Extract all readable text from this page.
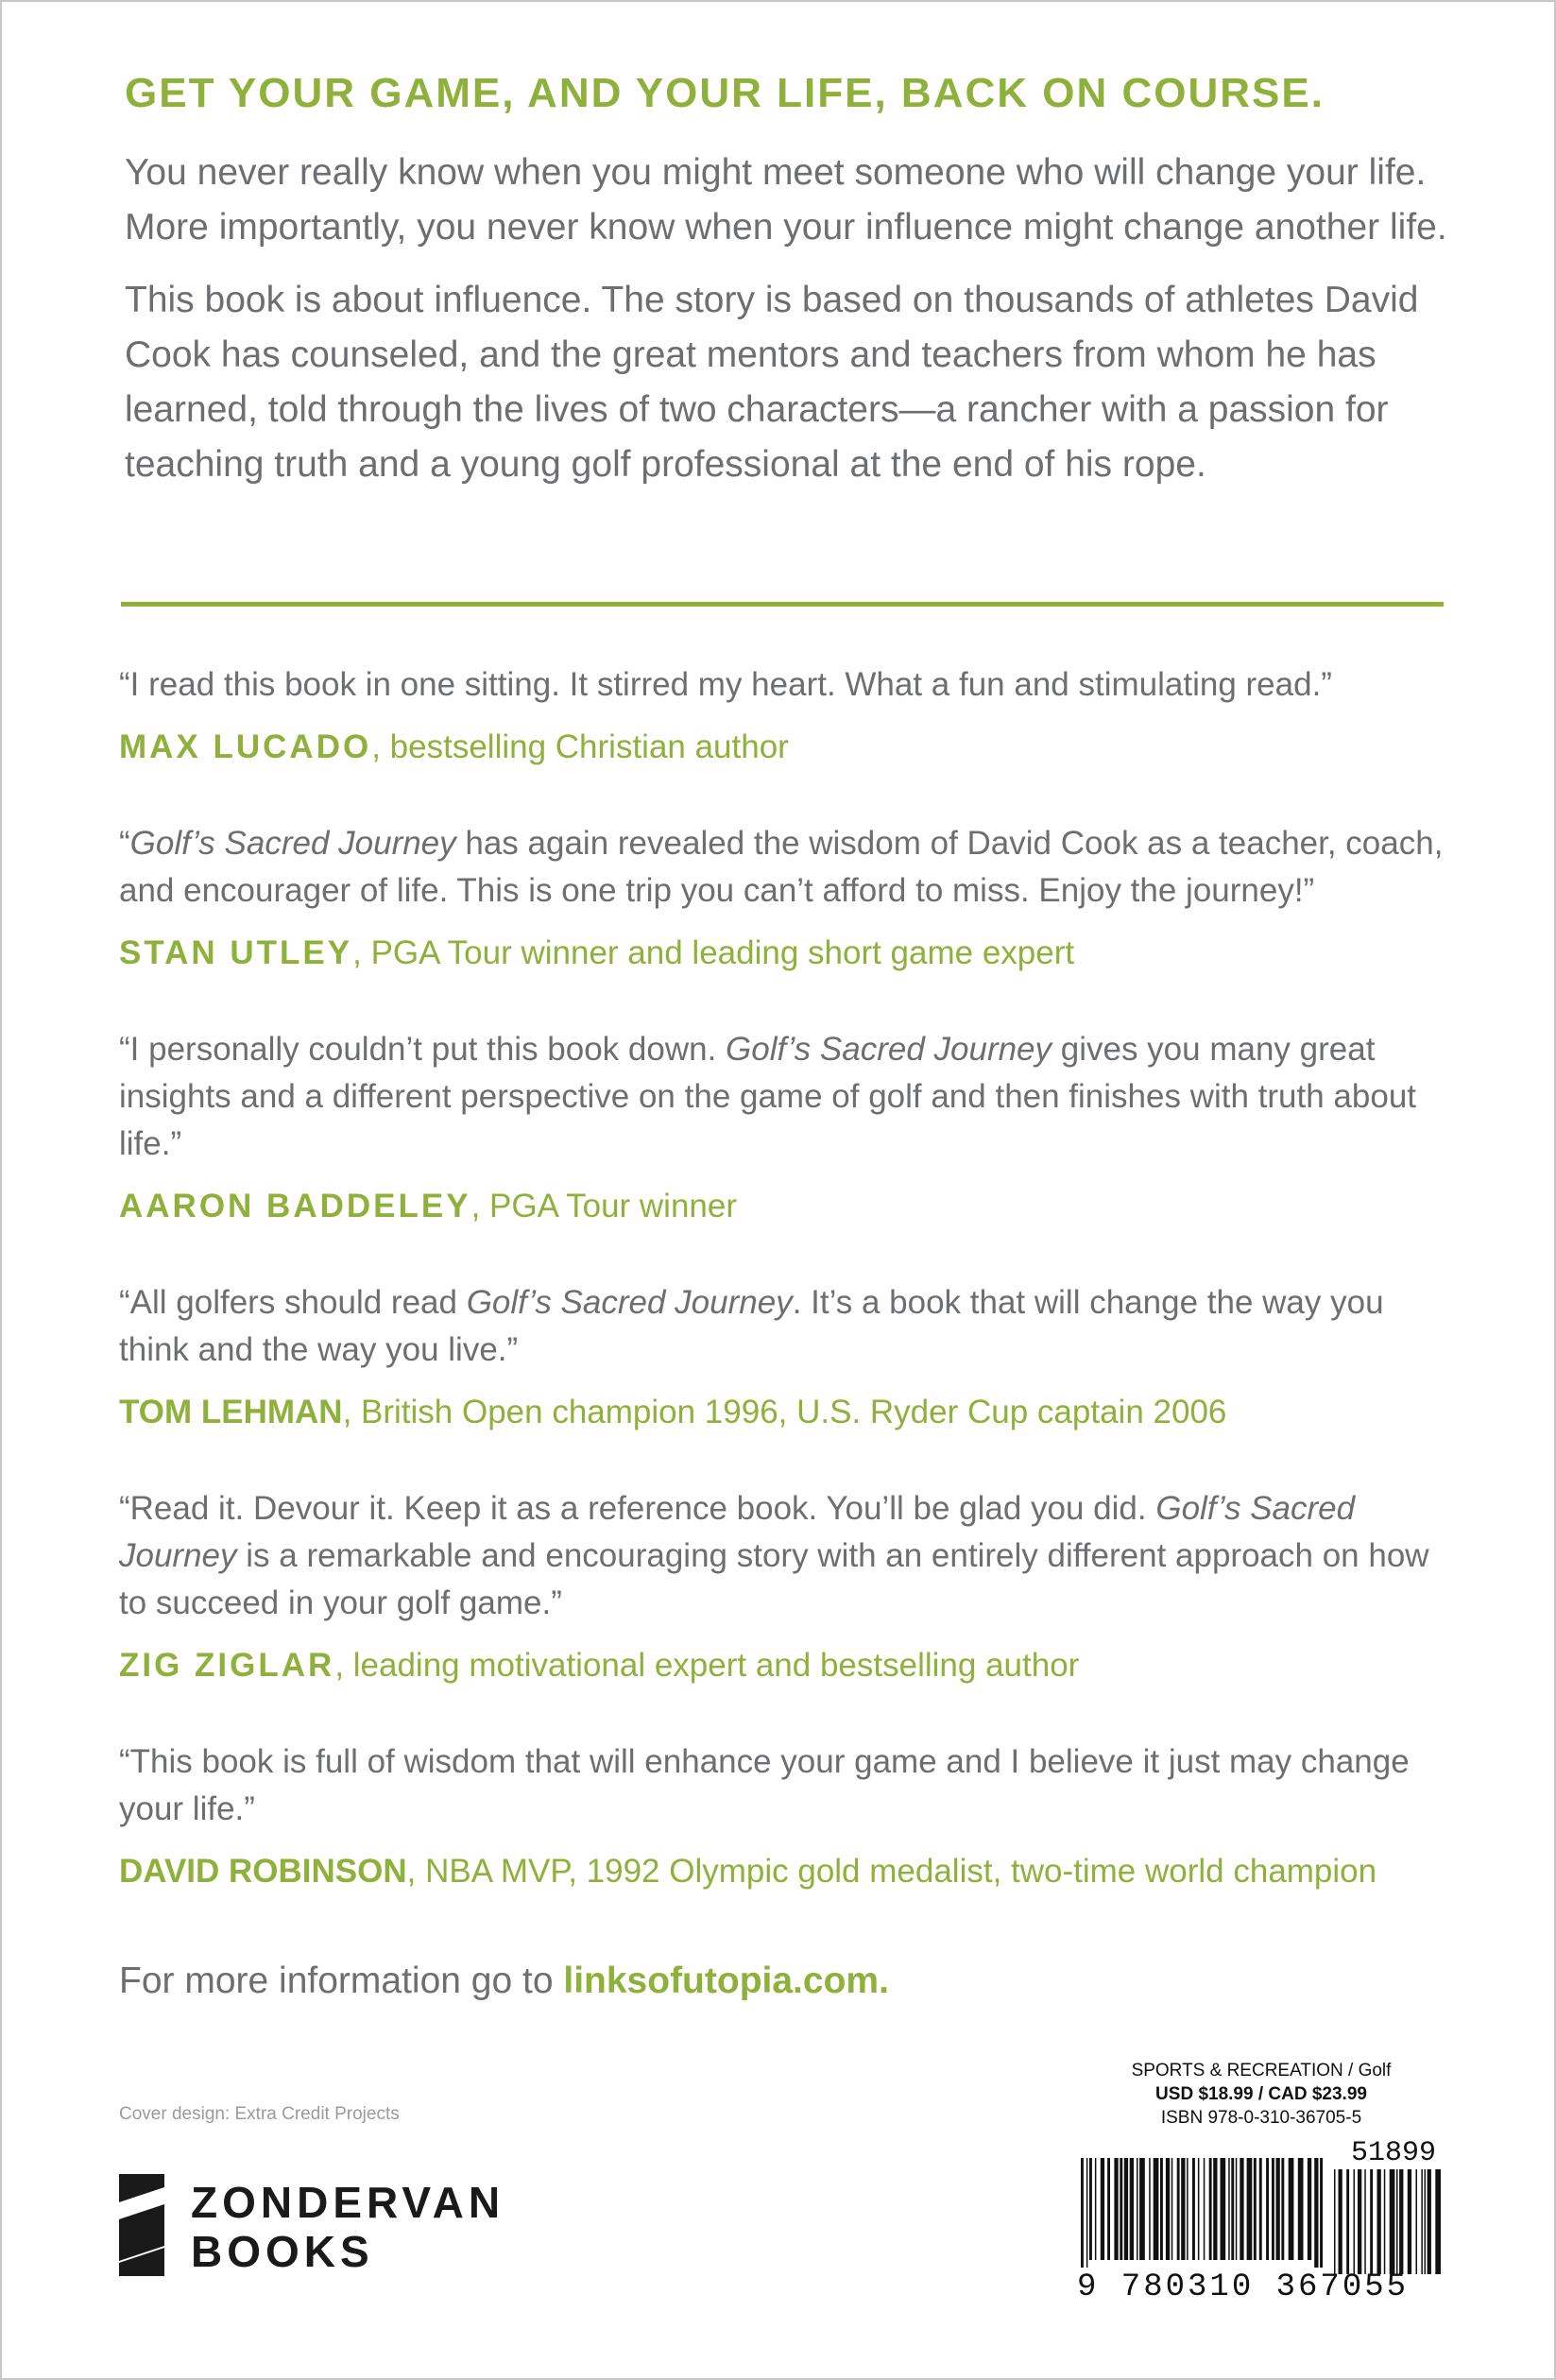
GET YOUR GAME, AND YOUR LIFE, BACK ON COURSE.

You never really know when you might meet someone who will change your life. More importantly, you never know when your influence might change another life.

This book is about influence. The story is based on thousands of athletes David Cook has counseled, and the great mentors and teachers from whom he has learned, told through the lives of two characters—a rancher with a passion for teaching truth and a young golf professional at the end of his rope.

“I read this book in one sitting. It stirred my heart. What a fun and stimulating read.”

MAX LUCADO, bestselling Christian author

“Golf’s Sacred Journey has again revealed the wisdom of David Cook as a teacher, coach, and encourager of life. This is one trip you can’t afford to miss. Enjoy the journey!”

STAN UTLEY, PGA Tour winner and leading short game expert

“I personally couldn’t put this book down. Golf’s Sacred Journey gives you many great insights and a different perspective on the game of golf and then finishes with truth about life.”

AARON BADDELEY, PGA Tour winner

“All golfers should read Golf’s Sacred Journey. It’s a book that will change the way you think and the way you live.”

TOM LEHMAN, British Open champion 1996, U.S. Ryder Cup captain 2006

“Read it. Devour it. Keep it as a reference book. You’ll be glad you did. Golf’s Sacred Journey is a remarkable and encouraging story with an entirely different approach on how to succeed in your golf game.”

ZIG ZIGLAR, leading motivational expert and bestselling author

“This book is full of wisdom that will enhance your game and I believe it just may change your life.”

DAVID ROBINSON, NBA MVP, 1992 Olympic gold medalist, two-time world champion

For more information go to linksofutopia.com.
Cover design: Extra Credit Projects
ZONDERVAN
BOOKS
SPORTS & RECREATION / Golf
USD $18.99 / CAD $23.99
ISBN 978-0-310-36705-5
51899
9 780310 367055
